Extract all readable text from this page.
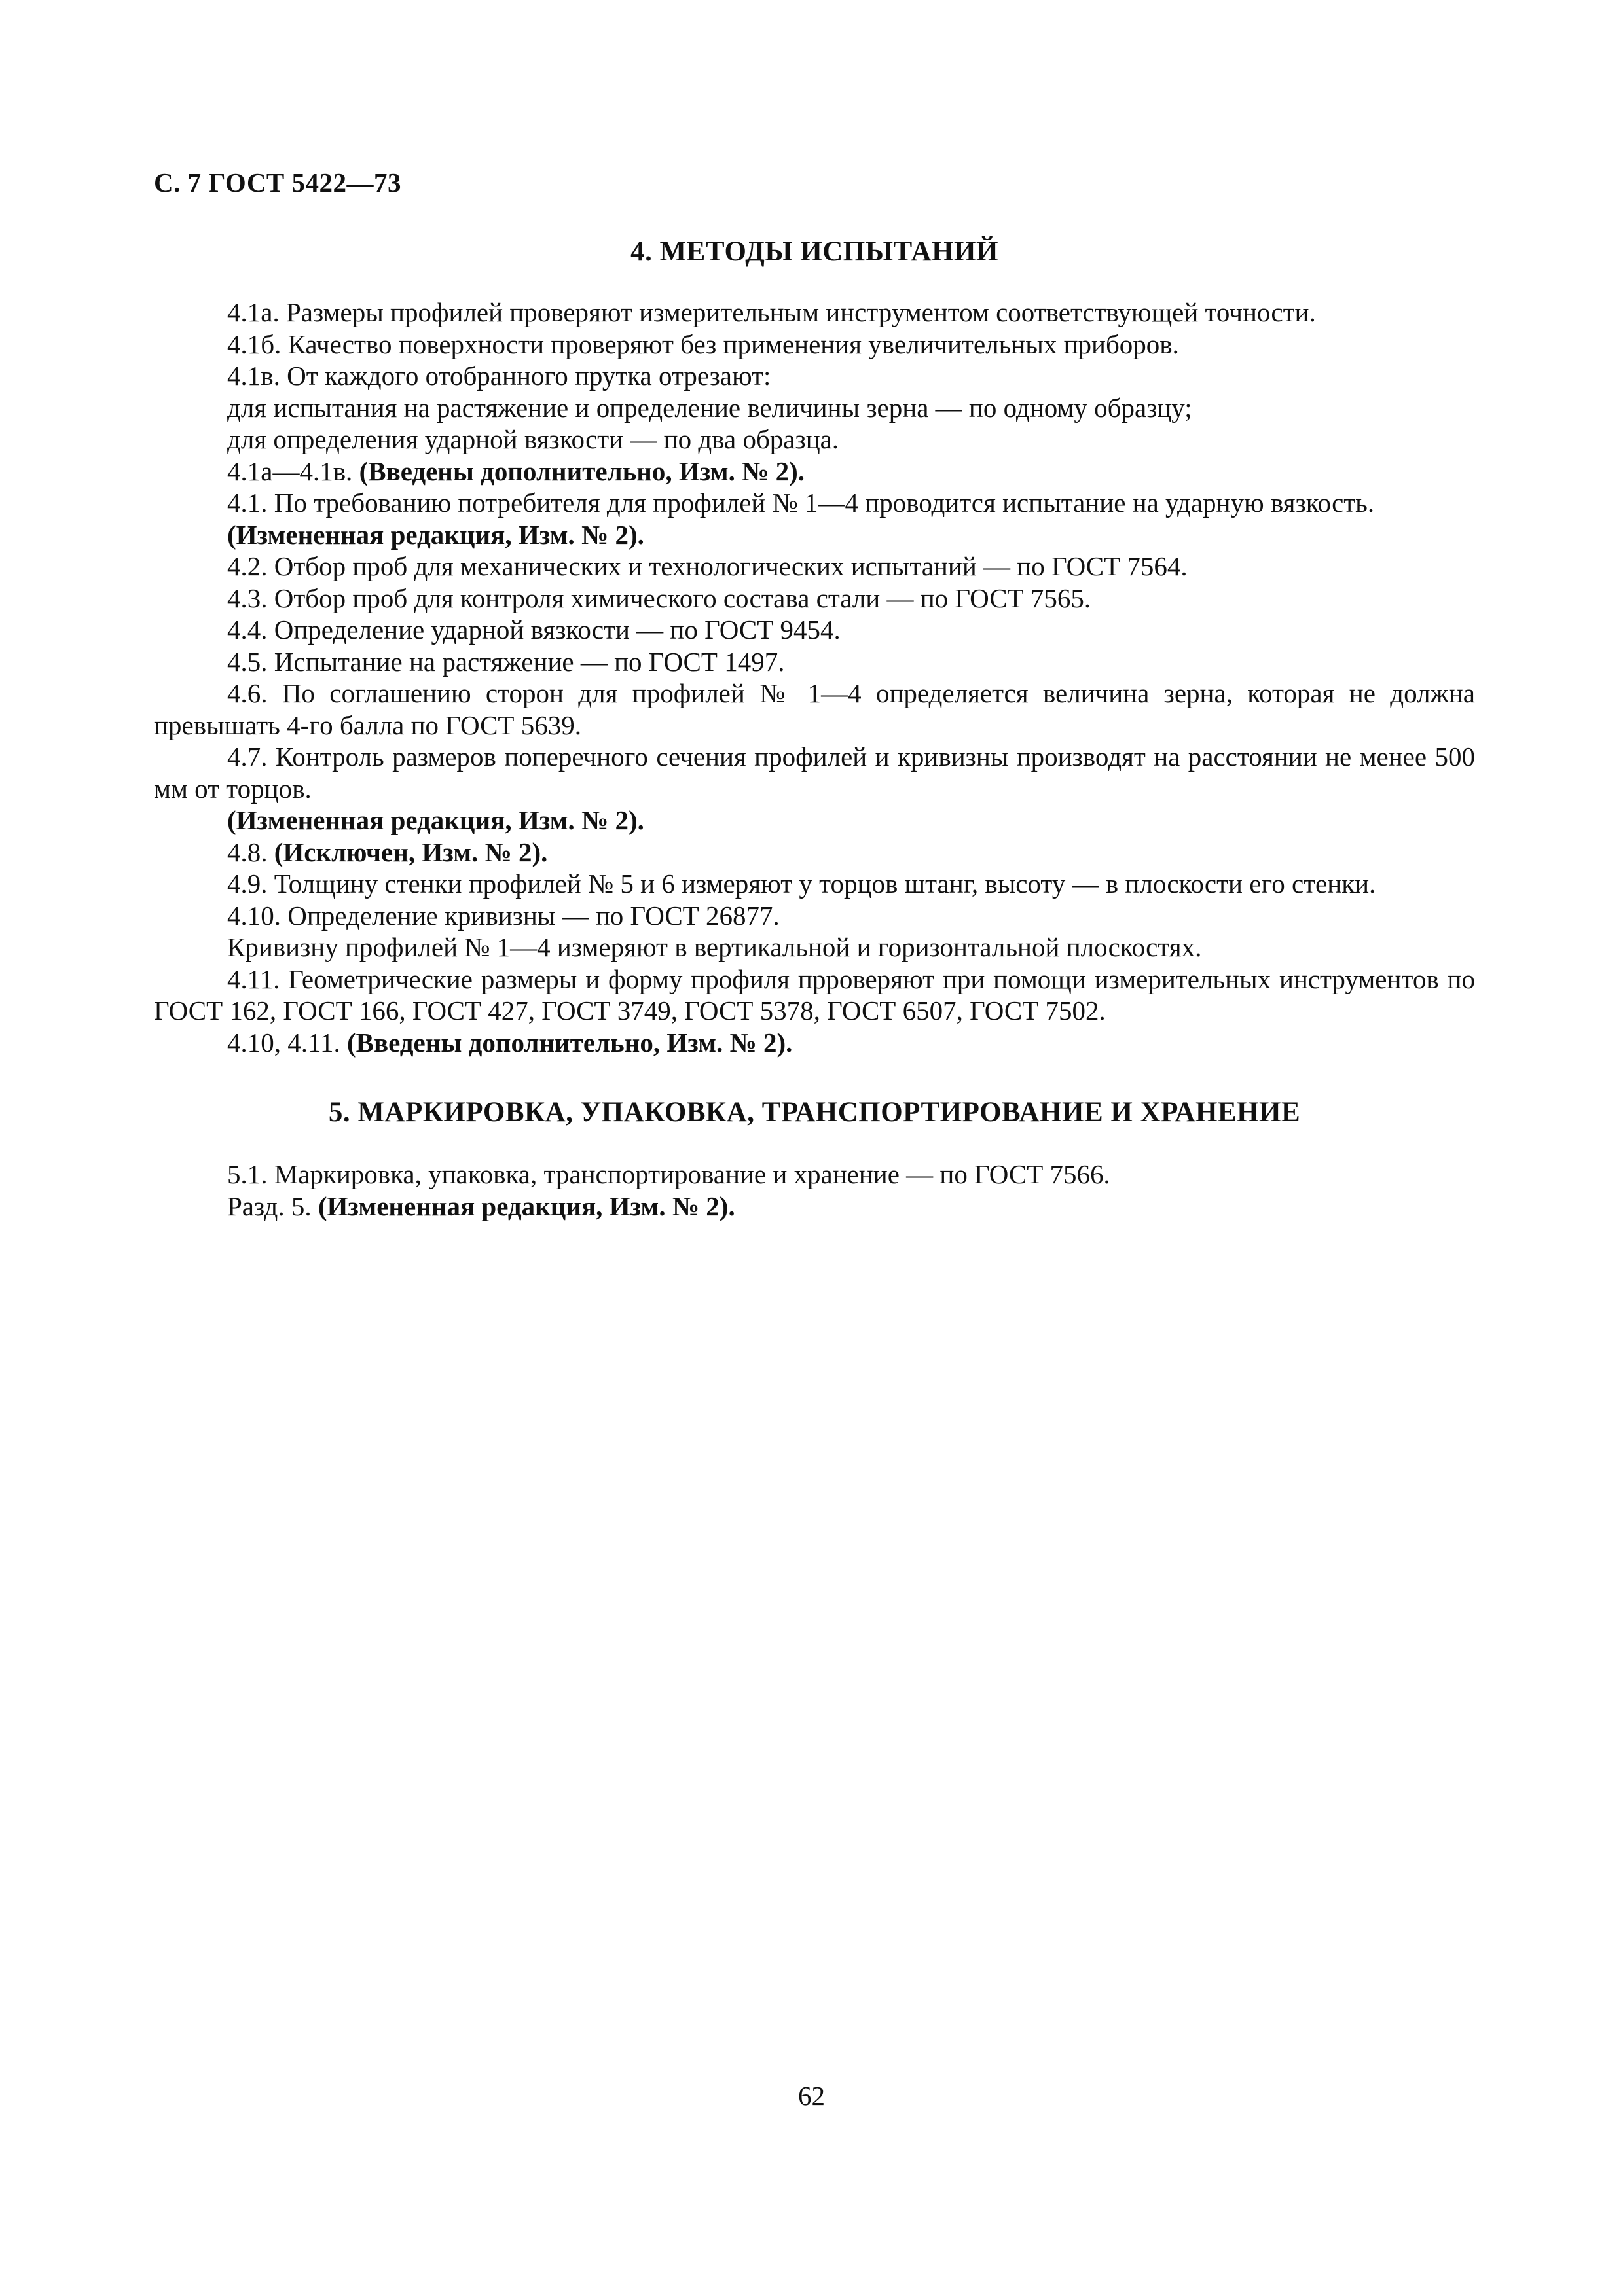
С. 7 ГОСТ 5422—73
4. МЕТОДЫ ИСПЫТАНИЙ

4.1а. Размеры профилей проверяют измерительным инструментом соответствующей точности.

4.1б. Качество поверхности проверяют без применения увеличительных приборов.

4.1в. От каждого отобранного прутка отрезают:

для испытания на растяжение и определение величины зерна — по одному образцу;

для определения ударной вязкости — по два образца.

4.1а—4.1в. (Введены дополнительно, Изм. № 2).

4.1. По требованию потребителя для профилей № 1—4 проводится испытание на ударную вязкость.

(Измененная редакция, Изм. № 2).

4.2. Отбор проб для механических и технологических испытаний — по ГОСТ 7564.

4.3. Отбор проб для контроля химического состава стали — по ГОСТ 7565.

4.4. Определение ударной вязкости — по ГОСТ 9454.

4.5. Испытание на растяжение — по ГОСТ 1497.

4.6. По соглашению сторон для профилей № 1—4 определяется величина зерна, которая не должна превышать 4-го балла по ГОСТ 5639.

4.7. Контроль размеров поперечного сечения профилей и кривизны производят на расстоянии не менее 500 мм от торцов.

(Измененная редакция, Изм. № 2).

4.8. (Исключен, Изм. № 2).

4.9. Толщину стенки профилей № 5 и 6 измеряют у торцов штанг, высоту — в плоскости его стенки.

4.10. Определение кривизны — по ГОСТ 26877.

Кривизну профилей № 1—4 измеряют в вертикальной и горизонтальной плоскостях.

4.11. Геометрические размеры и форму профиля прроверяют при помощи измерительных инструментов по ГОСТ 162, ГОСТ 166, ГОСТ 427, ГОСТ 3749, ГОСТ 5378, ГОСТ 6507, ГОСТ 7502.

4.10, 4.11. (Введены дополнительно, Изм. № 2).

5. МАРКИРОВКА, УПАКОВКА, ТРАНСПОРТИРОВАНИЕ И ХРАНЕНИЕ

5.1. Маркировка, упаковка, транспортирование и хранение — по ГОСТ 7566.

Разд. 5. (Измененная редакция, Изм. № 2).

62
